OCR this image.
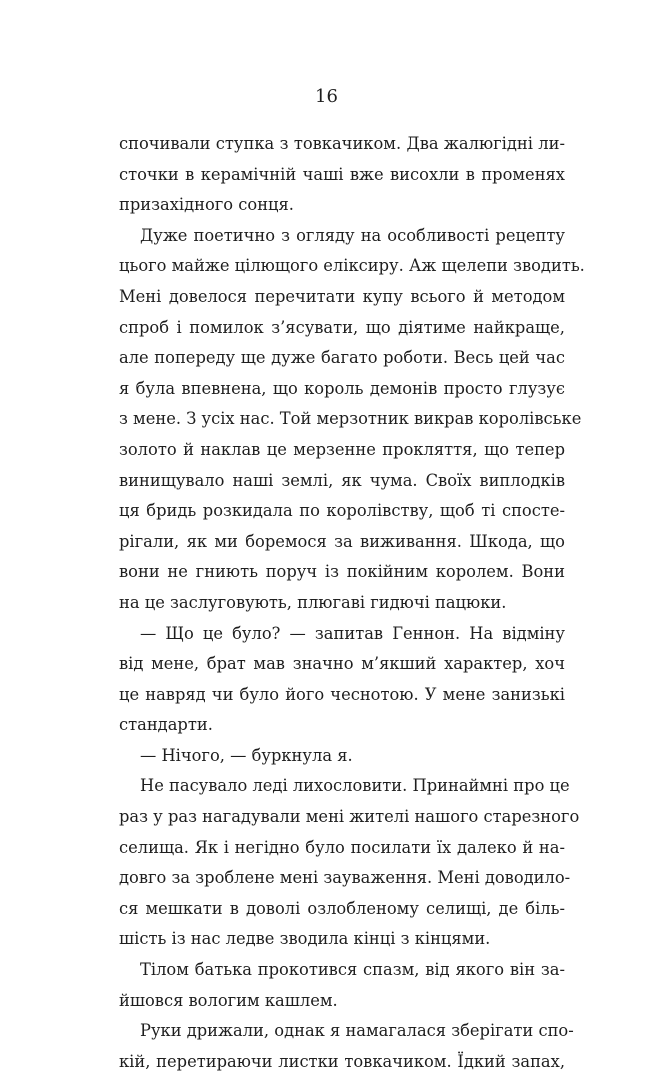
16
спочивали ступка з товкачиком. Два жалюгідні ли-
сточки в керамічній чаші вже висохли в променях
призахідного сонця.
Дуже поетично з огляду на особливості рецепту
цього майже цілющого еліксиру. Аж щелепи зводить.
Мені довелося перечитати купу всього й методом
спроб і помилок з’ясувати, що діятиме найкраще,
але попереду ще дуже багато роботи. Весь цей час
я була впевнена, що король демонів просто глузує
з мене. З усіх нас. Той мерзотник викрав королівське
золото й наклав це мерзенне прокляття, що тепер
винищувало наші землі, як чума. Своїх виплодків
ця бридь розкидала по королівству, щоб ті спосте-
рігали, як ми боремося за виживання. Шкода, що
вони не гниють поруч із покійним королем. Вони
на це заслуговують, плюгаві гидючі пацюки.
— Що це було? — запитав Геннон. На відміну
від мене, брат мав значно м’якший характер, хоч
це навряд чи було його чеснотою. У мене занизькі
стандарти.
— Нічого, — буркнула я.
Не пасувало леді лихословити. Принаймні про це
раз у раз нагадували мені жителі нашого старезного
селища. Як і негідно було посилати їх далеко й на-
довго за зроблене мені зауваження. Мені доводило-
ся мешкати в доволі озлобленому селищі, де біль-
шість із нас ледве зводила кінці з кінцями.
Тілом батька прокотився спазм, від якого він за-
йшовся вологим кашлем.
Руки дрижали, однак я намагалася зберігати спо-
кій, перетираючи листки товкачиком. Їдкий запах,
